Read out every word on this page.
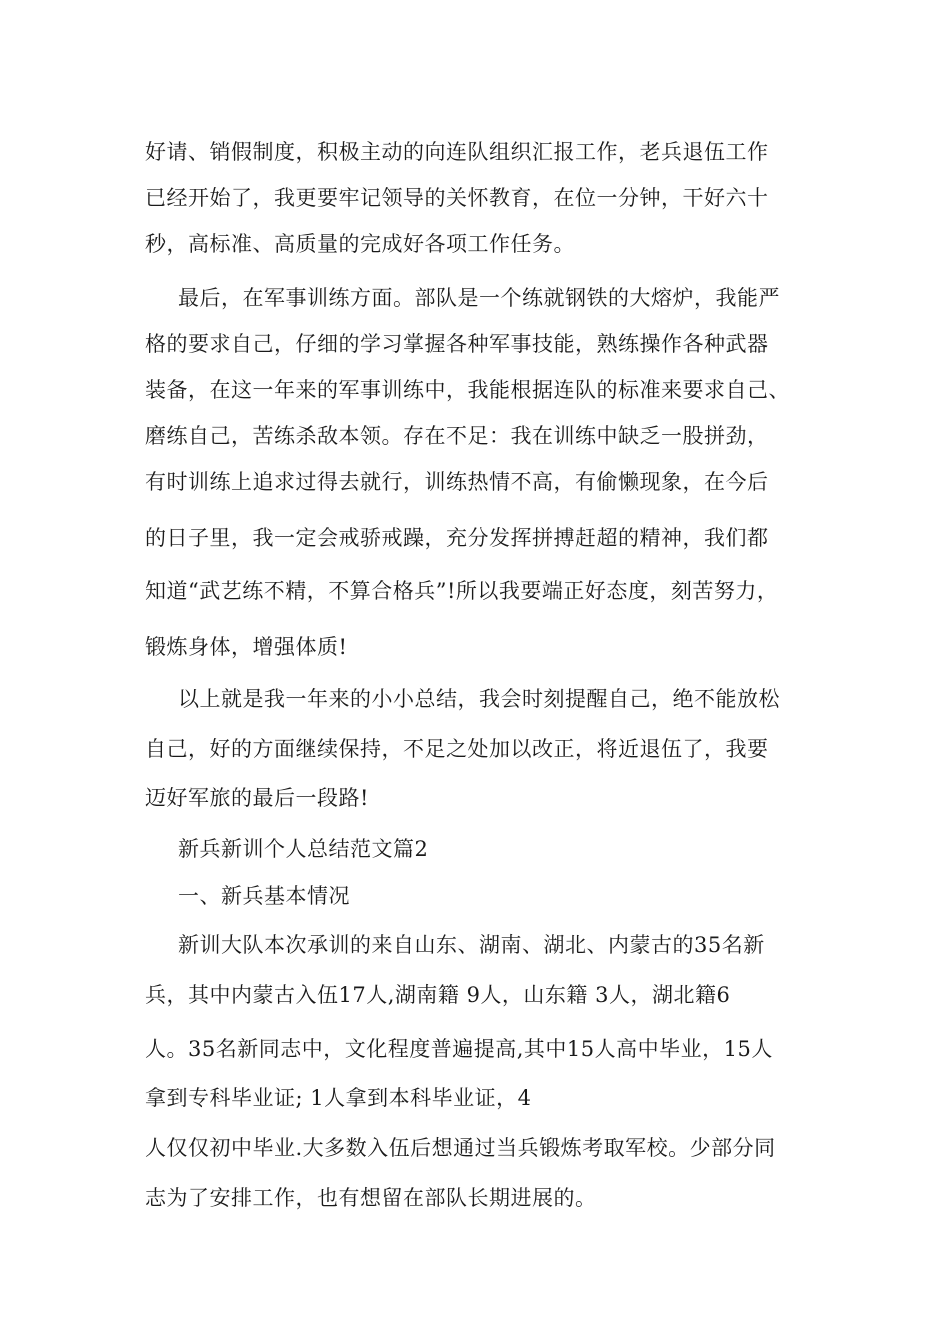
好请、销假制度，积极主动的向连队组织汇报工作，老兵退伍工作
已经开始了，我更要牢记领导的关怀教育，在位一分钟，干好六十
秒，高标准、高质量的完成好各项工作任务。
最后，在军事训练方面。部队是一个练就钢铁的大熔炉，我能严
格的要求自己，仔细的学习掌握各种军事技能，熟练操作各种武器
装备，在这一年来的军事训练中，我能根据连队的标准来要求自己、
磨练自己，苦练杀敌本领。存在不足：我在训练中缺乏一股拼劲，
有时训练上追求过得去就行，训练热情不高，有偷懒现象，在今后
的日子里，我一定会戒骄戒躁，充分发挥拼搏赶超的精神，我们都
知道“武艺练不精，不算合格兵”!所以我要端正好态度，刻苦努力，
锻炼身体，增强体质!
以上就是我一年来的小小总结，我会时刻提醒自己，绝不能放松
自己，好的方面继续保持，不足之处加以改正，将近退伍了，我要
迈好军旅的最后一段路!
新兵新训个人总结范文篇2
一、新兵基本情况
新训大队本次承训的来自山东、湖南、湖北、内蒙古的35名新
兵，其中内蒙古入伍17人,湖南籍 9人，山东籍 3人，湖北籍6
人。35名新同志中，文化程度普遍提高,其中15人高中毕业，15人
拿到专科毕业证; 1人拿到本科毕业证，4
人仅仅初中毕业.大多数入伍后想通过当兵锻炼考取军校。少部分同
志为了安排工作，也有想留在部队长期进展的。
